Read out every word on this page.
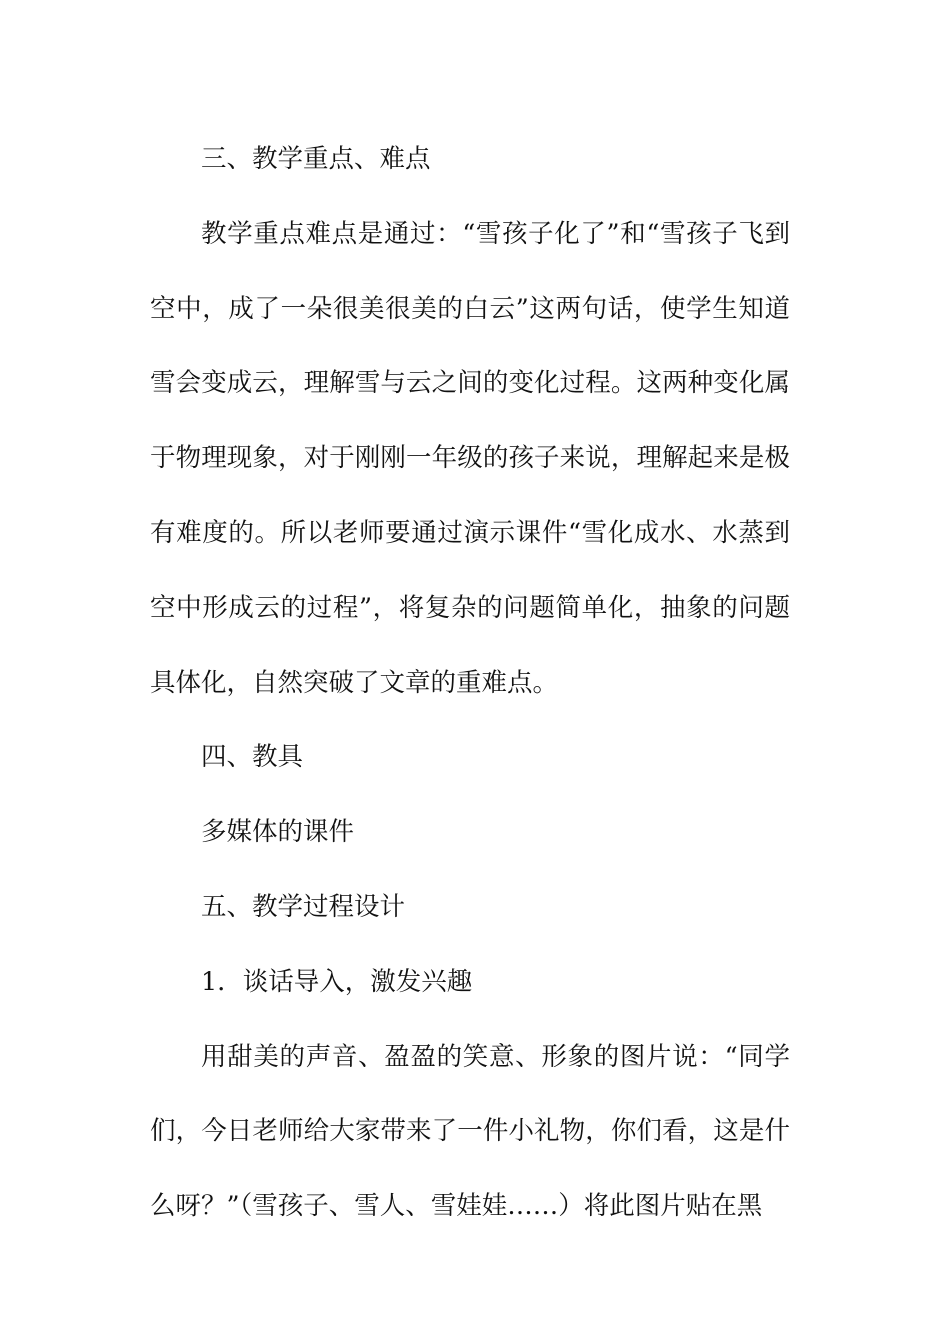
三、教学重点、难点

教学重点难点是通过：“雪孩子化了”和“雪孩子飞到空中，成了一朵很美很美的白云”这两句话，使学生知道雪会变成云，理解雪与云之间的变化过程。这两种变化属于物理现象，对于刚刚一年级的孩子来说，理解起来是极有难度的。所以老师要通过演示课件“雪化成水、水蒸到空中形成云的过程”，将复杂的问题简单化，抽象的问题具体化，自然突破了文章的重难点。

四、教具

多媒体的课件

五、教学过程设计

1．谈话导入，激发兴趣

用甜美的声音、盈盈的笑意、形象的图片说：“同学们，今日老师给大家带来了一件小礼物，你们看，这是什么呀？”（雪孩子、雪人、雪娃娃……）将此图片贴在黑
